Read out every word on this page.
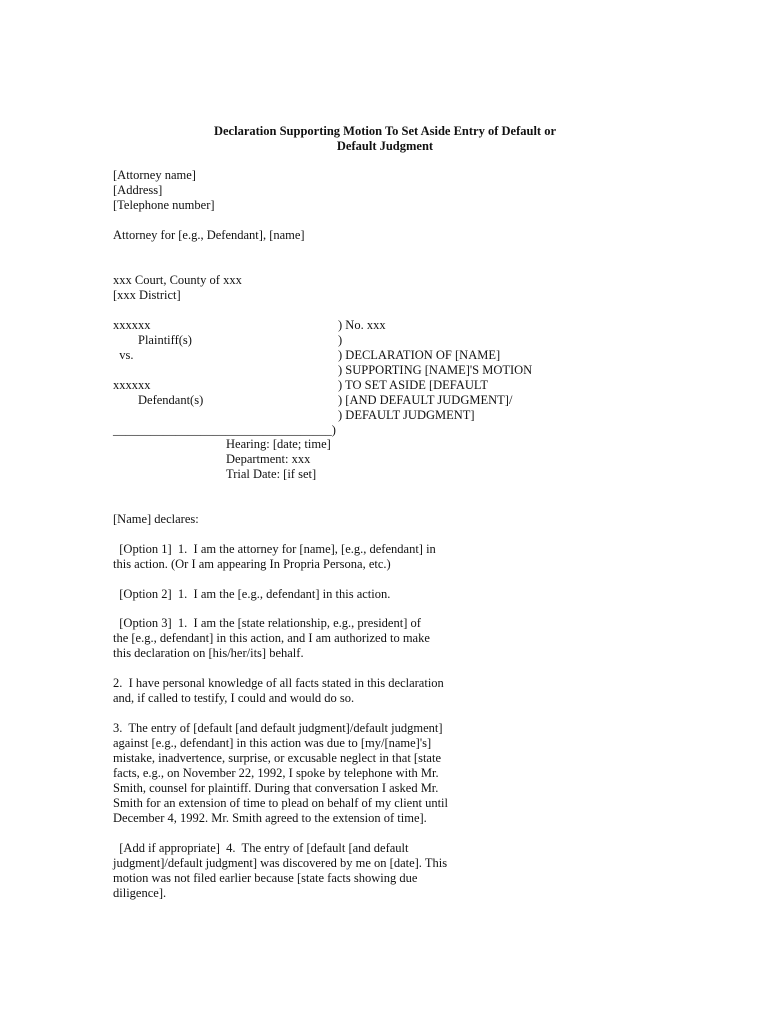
Declaration Supporting Motion To Set Aside Entry of Default or
Default Judgment
[Attorney name]
[Address]
[Telephone number]
Attorney for [e.g., Defendant], [name]
xxx Court, County of xxx
[xxx District]
xxxxxx
Plaintiff(s)
vs.
xxxxxx
Defendant(s)
) No. xxx
)
) DECLARATION OF [NAME]
) SUPPORTING [NAME]'S MOTION
) TO SET ASIDE [DEFAULT
) [AND DEFAULT JUDGMENT]/
) DEFAULT JUDGMENT]
___________________________________)
Hearing: [date; time]
Department: xxx
Trial Date: [if set]
[Name] declares:
[Option 1]  1.  I am the attorney for [name], [e.g., defendant] in
this action. (Or I am appearing In Propria Persona, etc.)
[Option 2]  1.  I am the [e.g., defendant] in this action.
[Option 3]  1.  I am the [state relationship, e.g., president] of
the [e.g., defendant] in this action, and I am authorized to make
this declaration on [his/her/its] behalf.
2.  I have personal knowledge of all facts stated in this declaration
and, if called to testify, I could and would do so.
3.  The entry of [default [and default judgment]/default judgment]
against [e.g., defendant] in this action was due to [my/[name]'s]
mistake, inadvertence, surprise, or excusable neglect in that [state
facts, e.g., on November 22, 1992, I spoke by telephone with Mr.
Smith, counsel for plaintiff. During that conversation I asked Mr.
Smith for an extension of time to plead on behalf of my client until
December 4, 1992. Mr. Smith agreed to the extension of time].
[Add if appropriate]  4.  The entry of [default [and default
judgment]/default judgment] was discovered by me on [date]. This
motion was not filed earlier because [state facts showing due
diligence].
